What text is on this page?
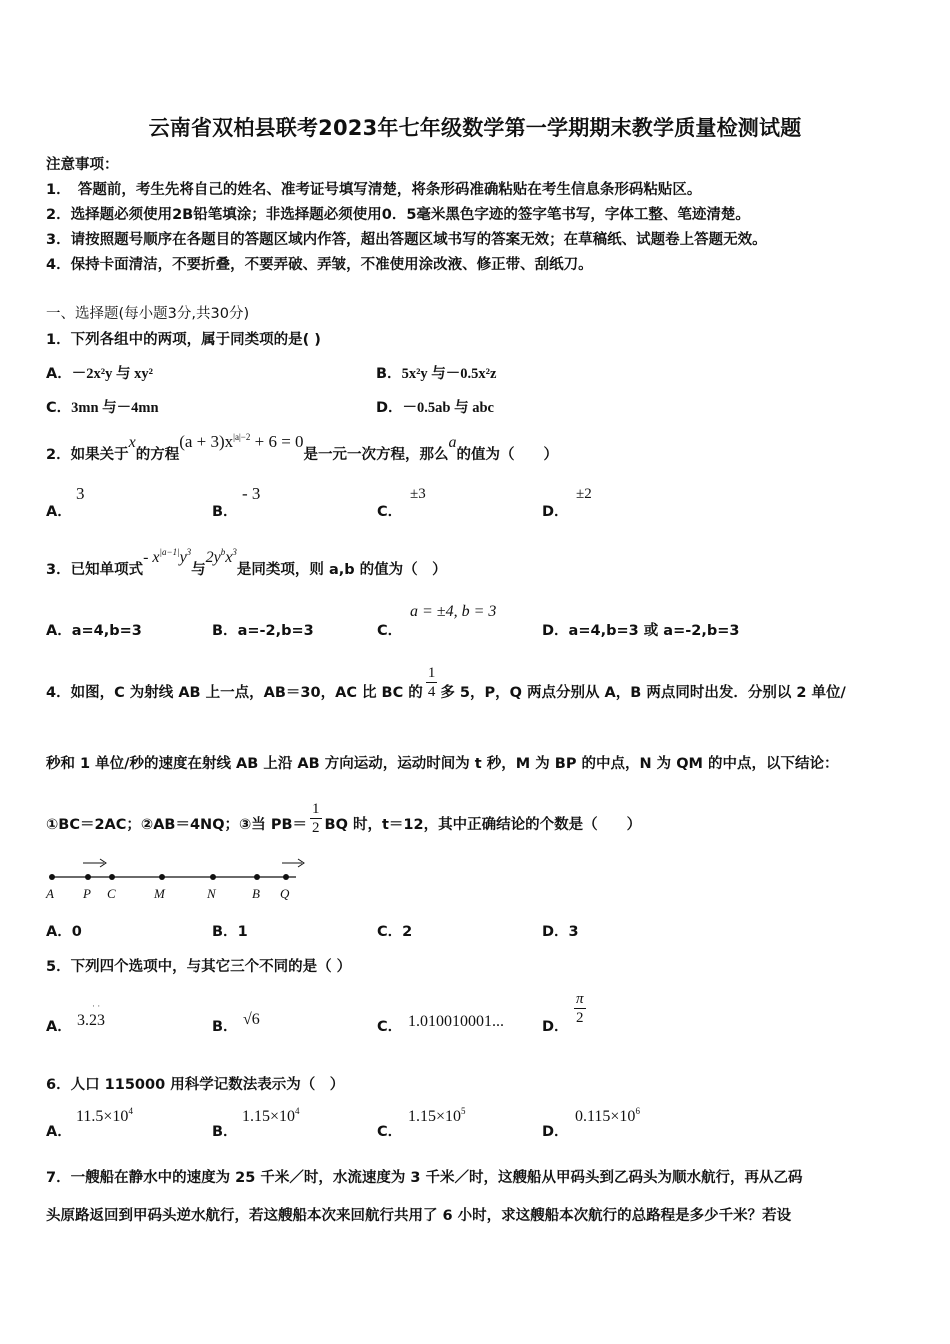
云南省双柏县联考2023年七年级数学第一学期期末教学质量检测试题
注意事项：
1．　答题前，考生先将自己的姓名、准考证号填写清楚，将条形码准确粘贴在考生信息条形码粘贴区。
2．选择题必须使用2B铅笔填涂；非选择题必须使用0．5毫米黑色字迹的签字笔书写，字体工整、笔迹清楚。
3．请按照题号顺序在各题目的答题区域内作答，超出答题区域书写的答案无效；在草稿纸、试题卷上答题无效。
4．保持卡面清洁，不要折叠，不要弄破、弄皱，不准使用涂改液、修正带、刮纸刀。
一、选择题(每小题3分,共30分)
1．下列各组中的两项，属于同类项的是( )
A．－2x²y 与 xy²	B．5x²y 与－0.5x²z
C．3mn 与－4mn	D．－0.5ab 与 abc
2．如果关于x的方程$(a + 3)x^{|a|-2} + 6 = 0$是一元一次方程，那么a的值为（　　）
A．
3
B．
- 3
C．
±3
D．
±2
3．已知单项式- $x^{|a-1|}y^3$与$2y^bx^3$是同类项，则 a,b 的值为（　）
A．a=4,b=3	B．a=-2,b=3	C．
a = ±4, b = 3
D．a=4,b=3 或 a=-2,b=3
4．如图，C 为射线 AB 上一点，AB＝30，AC 比 BC 的 $\frac{1}{4}$ 多 5，P，Q 两点分别从 A，B 两点同时出发．分别以 2 单位/
秒和 1 单位/秒的速度在射线 AB 上沿 AB 方向运动，运动时间为 t 秒，M 为 BP 的中点，N 为 QM 的中点，以下结论：
①BC＝2AC；②AB＝4NQ；③当 $PB= \frac{1}{2}$ BQ 时，t＝12，其中正确结论的个数是（　　）
A P C	M	N	B Q
A．0	B．1	C．2	D．3
5．下列四个选项中，与其它三个不同的是（ ）
A．
· ·
3.23	B． √6	C． 1.010010001...	D． $\frac{\pi}{2}$
6．人口 115000 用科学记数法表示为（　）
A．
$11.5\times 10^4$
B．
$1.15\times 10^4$
C．
$1.15\times 10^5$
D．
$0.115\times 10^6$
7．一艘船在静水中的速度为 25 千米／时，水流速度为 3 千米／时，这艘船从甲码头到乙码头为顺水航行，再从乙码
头原路返回到甲码头逆水航行，若这艘船本次来回航行共用了 6 小时，求这艘船本次航行的总路程是多少千米？若设
